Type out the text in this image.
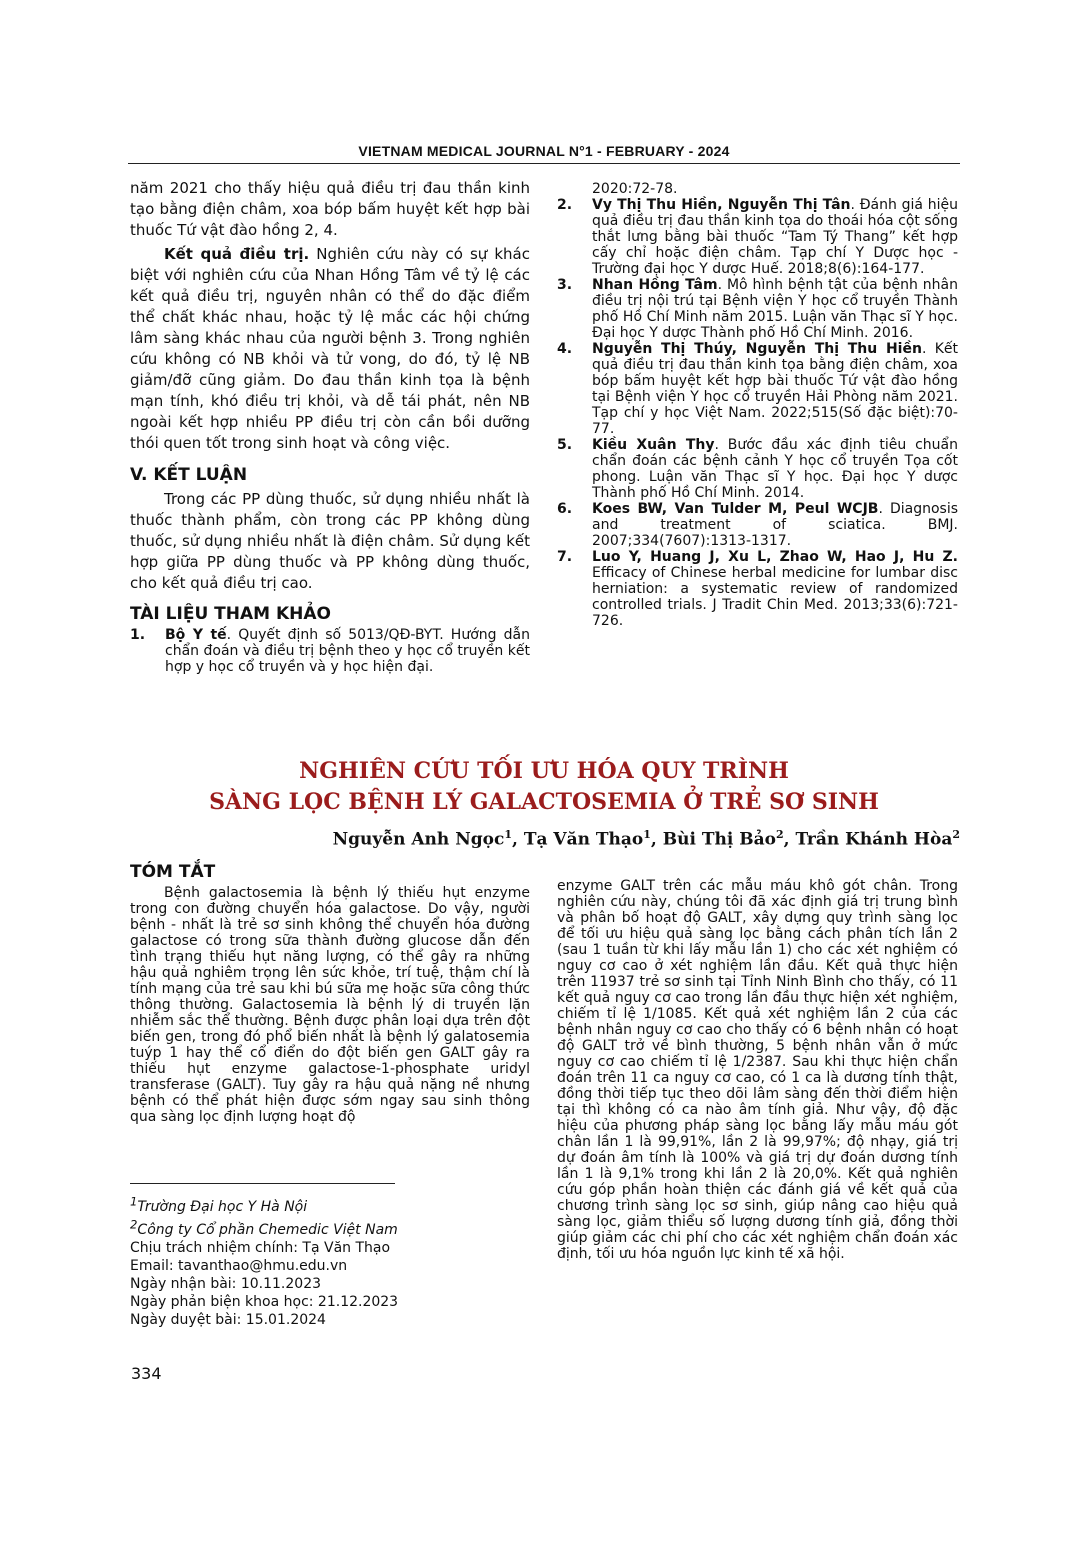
VIETNAM MEDICAL JOURNAL N°1 - FEBRUARY - 2024

năm 2021 cho thấy hiệu quả điều trị đau thần kinh tạo bằng điện châm, xoa bóp bấm huyệt kết hợp bài thuốc Tứ vật đào hồng 2, 4.

Kết quả điều trị. Nghiên cứu này có sự khác biệt với nghiên cứu của Nhan Hồng Tâm về tỷ lệ các kết quả điều trị, nguyên nhân có thể do đặc điểm thể chất khác nhau, hoặc tỷ lệ mắc các hội chứng lâm sàng khác nhau của người bệnh 3. Trong nghiên cứu không có NB khỏi và tử vong, do đó, tỷ lệ NB giảm/đỡ cũng giảm. Do đau thần kinh tọa là bệnh mạn tính, khó điều trị khỏi, và dễ tái phát, nên NB ngoài kết hợp nhiều PP điều trị còn cần bồi dưỡng thói quen tốt trong sinh hoạt và công việc.

V. KẾT LUẬN

Trong các PP dùng thuốc, sử dụng nhiều nhất là thuốc thành phẩm, còn trong các PP không dùng thuốc, sử dụng nhiều nhất là điện châm. Sử dụng kết hợp giữa PP dùng thuốc và PP không dùng thuốc, cho kết quả điều trị cao.

TÀI LIỆU THAM KHẢO
1. Bộ Y tế. Quyết định số 5013/QĐ-BYT. Hướng dẫn chẩn đoán và điều trị bệnh theo y học cổ truyền kết hợp y học cổ truyền và y học hiện đại.
2020:72-78.
2. Vy Thị Thu Hiền, Nguyễn Thị Tân. Đánh giá hiệu quả điều trị đau thần kinh tọa do thoái hóa cột sống thắt lưng bằng bài thuốc “Tam Tý Thang” kết hợp cấy chỉ hoặc điện châm. Tạp chí Y Dược học - Trường đại học Y dược Huế. 2018;8(6):164-177.
3. Nhan Hồng Tâm. Mô hình bệnh tật của bệnh nhân điều trị nội trú tại Bệnh viện Y học cổ truyền Thành phố Hồ Chí Minh năm 2015. Luận văn Thạc sĩ Y học. Đại học Y dược Thành phố Hồ Chí Minh. 2016.
4. Nguyễn Thị Thúy, Nguyễn Thị Thu Hiền. Kết quả điều trị đau thần kinh tọa bằng điện châm, xoa bóp bấm huyệt kết hợp bài thuốc Tứ vật đào hồng tại Bệnh viện Y học cổ truyền Hải Phòng năm 2021. Tạp chí y học Việt Nam. 2022;515(Số đặc biệt):70-77.
5. Kiều Xuân Thy. Bước đầu xác định tiêu chuẩn chẩn đoán các bệnh cảnh Y học cổ truyền Tọa cốt phong. Luận văn Thạc sĩ Y học. Đại học Y dược Thành phố Hồ Chí Minh. 2014.
6. Koes BW, Van Tulder M, Peul WCJB. Diagnosis and treatment of sciatica. BMJ. 2007;334(7607):1313-1317.
7. Luo Y, Huang J, Xu L, Zhao W, Hao J, Hu Z. Efficacy of Chinese herbal medicine for lumbar disc herniation: a systematic review of randomized controlled trials. J Tradit Chin Med. 2013;33(6):721-726.
NGHIÊN CỨU TỐI ƯU HÓA QUY TRÌNH
SÀNG LỌC BỆNH LÝ GALACTOSEMIA Ở TRẺ SƠ SINH
Nguyễn Anh Ngọc$^1$, Tạ Văn Thạo$^1$, Bùi Thị Bảo$^2$, Trần Khánh Hòa$^2$
TÓM TẮT

Bệnh galactosemia là bệnh lý thiếu hụt enzyme trong con đường chuyển hóa galactose. Do vậy, người bệnh - nhất là trẻ sơ sinh không thể chuyển hóa đường galactose có trong sữa thành đường glucose dẫn đến tình trạng thiếu hụt năng lượng, có thể gây ra những hậu quả nghiêm trọng lên sức khỏe, trí tuệ, thậm chí là tính mạng của trẻ sau khi bú sữa mẹ hoặc sữa công thức thông thường. Galactosemia là bệnh lý di truyền lặn nhiễm sắc thể thường. Bệnh được phân loại dựa trên đột biến gen, trong đó phổ biến nhất là bệnh lý galatosemia tuýp 1 hay thể cổ điển do đột biến gen GALT gây ra thiếu hụt enzyme galactose-1-phosphate uridyl transferase (GALT). Tuy gây ra hậu quả nặng nề nhưng bệnh có thể phát hiện được sớm ngay sau sinh thông qua sàng lọc định lượng hoạt độ

enzyme GALT trên các mẫu máu khô gót chân. Trong nghiên cứu này, chúng tôi đã xác định giá trị trung bình và phân bố hoạt độ GALT, xây dựng quy trình sàng lọc để tối ưu hiệu quả sàng lọc bằng cách phân tích lần 2 (sau 1 tuần từ khi lấy mẫu lần 1) cho các xét nghiệm có nguy cơ cao ở xét nghiệm lần đầu. Kết quả thực hiện trên 11937 trẻ sơ sinh tại Tỉnh Ninh Bình cho thấy, có 11 kết quả nguy cơ cao trong lần đầu thực hiện xét nghiệm, chiếm tỉ lệ 1/1085. Kết quả xét nghiệm lần 2 của các bệnh nhân nguy cơ cao cho thấy có 6 bệnh nhân có hoạt độ GALT trở về bình thường, 5 bệnh nhân vẫn ở mức nguy cơ cao chiếm tỉ lệ 1/2387. Sau khi thực hiện chẩn đoán trên 11 ca nguy cơ cao, có 1 ca là dương tính thật, đồng thời tiếp tục theo dõi lâm sàng đến thời điểm hiện tại thì không có ca nào âm tính giả. Như vậy, độ đặc hiệu của phương pháp sàng lọc bằng lấy mẫu máu gót chân lần 1 là 99,91%, lần 2 là 99,97%; độ nhạy, giá trị dự đoán âm tính là 100% và giá trị dự đoán dương tính lần 1 là 9,1% trong khi lần 2 là 20,0%. Kết quả nghiên cứu góp phần hoàn thiện các đánh giá về kết quả của chương trình sàng lọc sơ sinh, giúp nâng cao hiệu quả sàng lọc, giảm thiểu số lượng dương tính giả, đồng thời giúp giảm các chi phí cho các xét nghiệm chẩn đoán xác định, tối ưu hóa nguồn lực kinh tế xã hội.

$^1$Trường Đại học Y Hà Nội
$^2$Công ty Cổ phần Chemedic Việt Nam
Chịu trách nhiệm chính: Tạ Văn Thạo
Email: tavanthao@hmu.edu.vn
Ngày nhận bài: 10.11.2023
Ngày phản biện khoa học: 21.12.2023
Ngày duyệt bài: 15.01.2024
334
